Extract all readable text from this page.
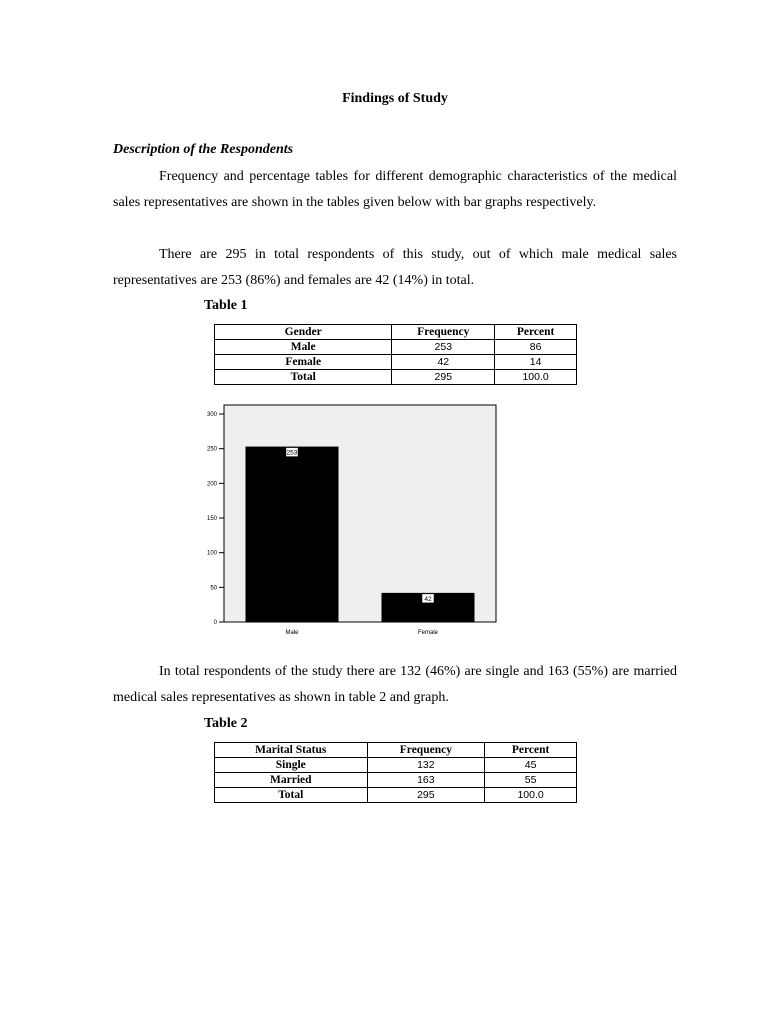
Findings of Study
Description of the Respondents
Frequency and percentage tables for different demographic characteristics of the medical sales representatives are shown in the tables given below with bar graphs respectively.
There are 295 in total respondents of this study, out of which male medical sales representatives are 253 (86%) and females are 42 (14%) in total.
Table 1
Gender	Frequency	Percent
Male	253	86
Female	42	14
Total	295	100.0
0
50
100
150
200
250
300
253
Male
42
Female
In total respondents of the study there are 132 (46%) are single and 163 (55%) are married medical sales representatives as shown in table 2 and graph.
Table 2
Marital Status	Frequency	Percent
Single	132	45
Married	163	55
Total	295	100.0
